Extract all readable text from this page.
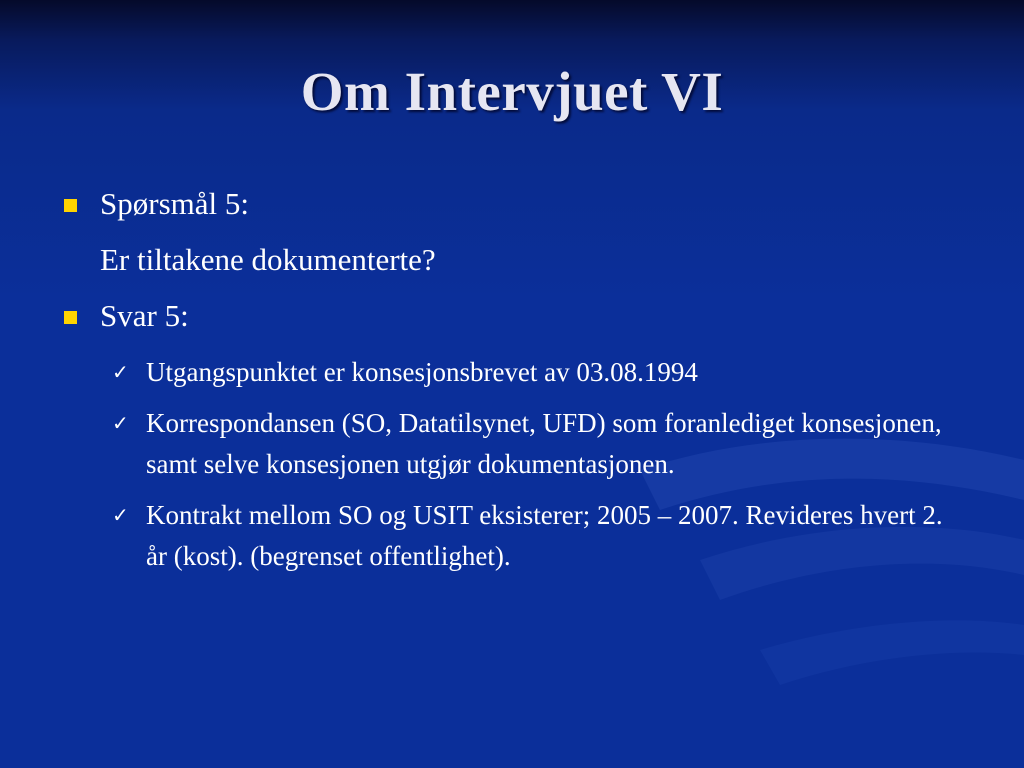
Om Intervjuet VI
Spørsmål 5:
Er tiltakene dokumenterte?
Svar 5:
✓ Utgangspunktet er konsesjonsbrevet av 03.08.1994
✓ Korrespondansen (SO, Datatilsynet, UFD) som foranlediget konsesjonen, samt selve konsesjonen utgjør dokumentasjonen.
✓ Kontrakt mellom SO og USIT eksisterer; 2005 – 2007. Revideres hvert 2. år (kost). (begrenset offentlighet).
